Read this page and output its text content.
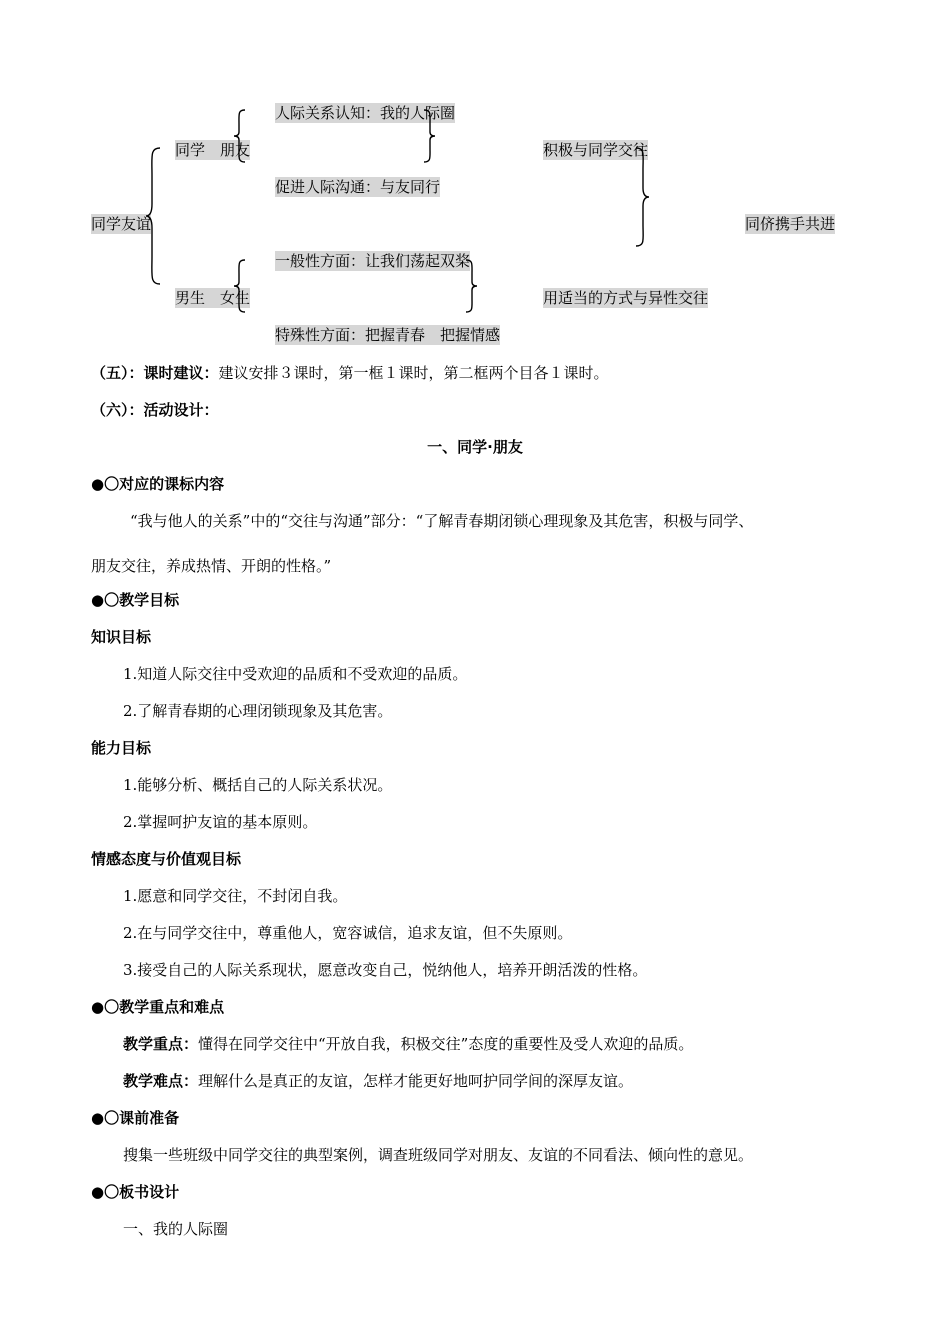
同学友谊
同学　朋友
人际关系认知：我的人际圈
促进人际沟通：与友同行
积极与同学交往
同侪携手共进
男生　女生
一般性方面：让我们荡起双桨
特殊性方面：把握青春　把握情感
用适当的方式与异性交往
（五）：课时建议：建议安排３课时，第一框１课时，第二框两个目各１课时。
（六）：活动设计：
一、同学·朋友
●〇对应的课标内容
“我与他人的关系”中的“交往与沟通”部分：“了解青春期闭锁心理现象及其危害，积极与同学、
朋友交往，养成热情、开朗的性格。”
●〇教学目标
知识目标
1.知道人际交往中受欢迎的品质和不受欢迎的品质。
2.了解青春期的心理闭锁现象及其危害。
能力目标
1.能够分析、概括自己的人际关系状况。
2.掌握呵护友谊的基本原则。
情感态度与价值观目标
1.愿意和同学交往，不封闭自我。
2.在与同学交往中，尊重他人，宽容诚信，追求友谊，但不失原则。
3.接受自己的人际关系现状，愿意改变自己，悦纳他人，培养开朗活泼的性格。
●〇教学重点和难点
教学重点：懂得在同学交往中“开放自我，积极交往”态度的重要性及受人欢迎的品质。
教学难点：理解什么是真正的友谊，怎样才能更好地呵护同学间的深厚友谊。
●〇课前准备
搜集一些班级中同学交往的典型案例，调查班级同学对朋友、友谊的不同看法、倾向性的意见。
●〇板书设计
一、我的人际圈
